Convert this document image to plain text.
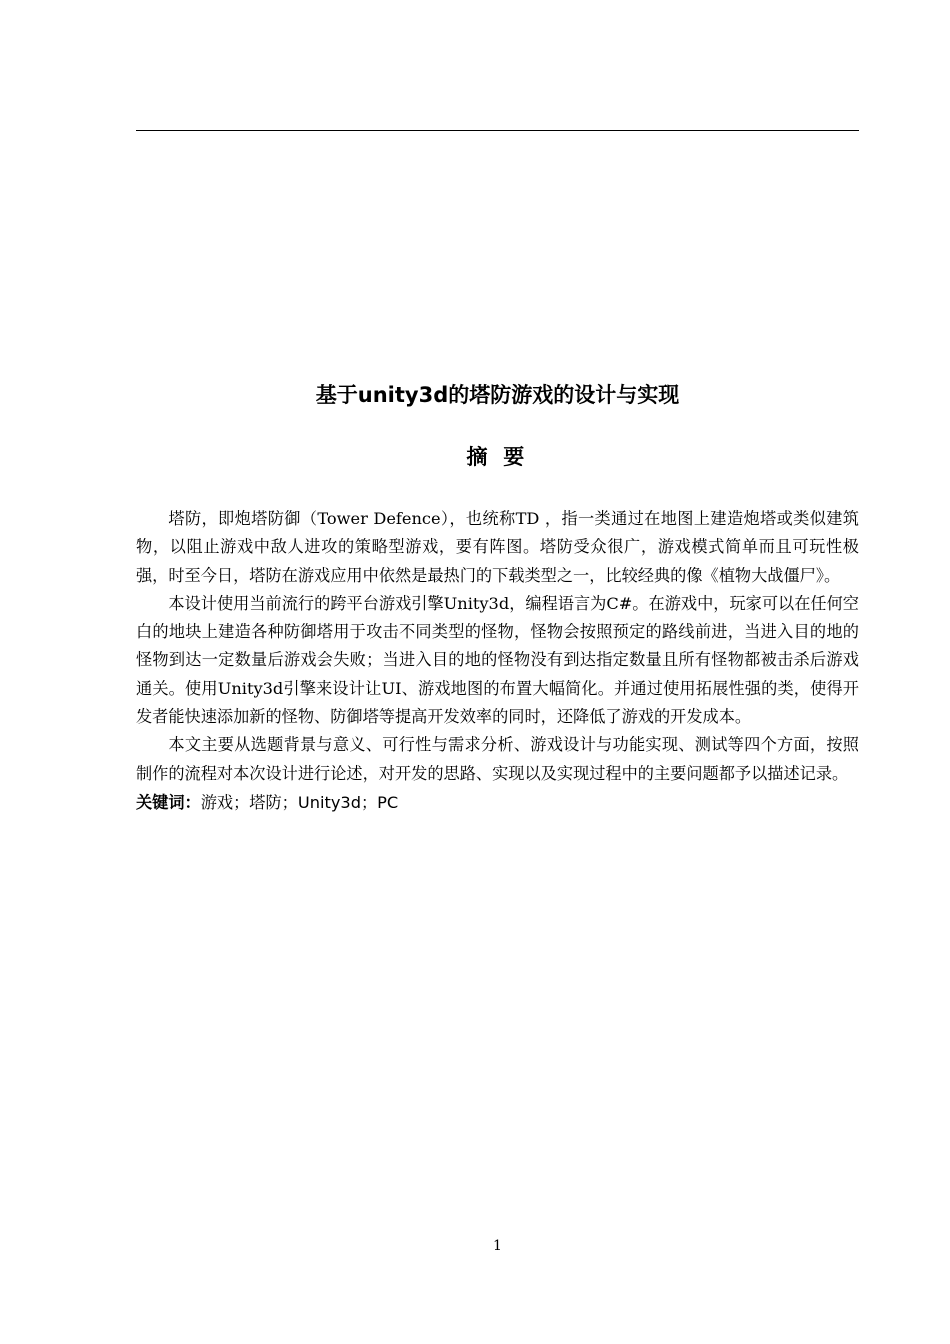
基于unity3d的塔防游戏的设计与实现
摘 要

塔防，即炮塔防御（Tower Defence），也统称TD ，指一类通过在地图上建造炮塔或类似建筑物，以阻止游戏中敌人进攻的策略型游戏，要有阵图。塔防受众很广，游戏模式简单而且可玩性极强，时至今日，塔防在游戏应用中依然是最热门的下载类型之一，比较经典的像《植物大战僵尸》。

本设计使用当前流行的跨平台游戏引擎Unity3d，编程语言为C#。在游戏中，玩家可以在任何空白的地块上建造各种防御塔用于攻击不同类型的怪物，怪物会按照预定的路线前进，当进入目的地的怪物到达一定数量后游戏会失败；当进入目的地的怪物没有到达指定数量且所有怪物都被击杀后游戏通关。使用Unity3d引擎来设计让UI、游戏地图的布置大幅简化。并通过使用拓展性强的类，使得开发者能快速添加新的怪物、防御塔等提高开发效率的同时，还降低了游戏的开发成本。

本文主要从选题背景与意义、可行性与需求分析、游戏设计与功能实现、测试等四个方面，按照制作的流程对本次设计进行论述，对开发的思路、实现以及实现过程中的主要问题都予以描述记录。

关键词：游戏；塔防；Unity3d；PC
1
